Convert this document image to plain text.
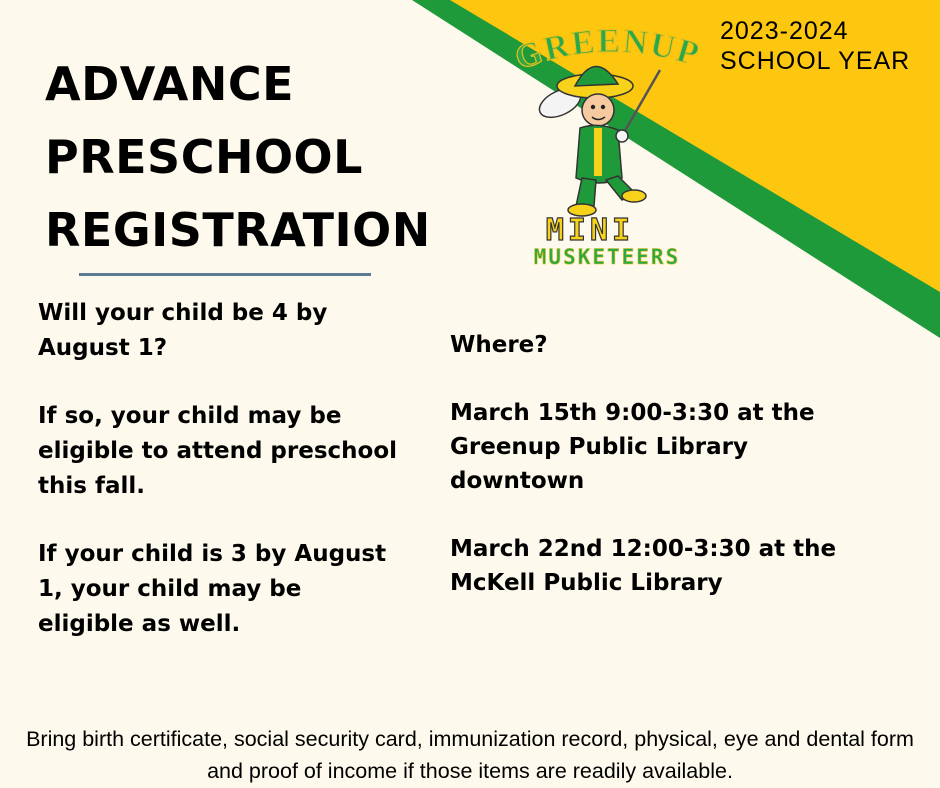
2023-2024
SCHOOL YEAR
GREENUP
MINI
MUSKETEERS
ADVANCE
PRESCHOOL
REGISTRATION

Will your child be 4 by August 1?

If so, your child may be eligible to attend preschool this fall.

If your child is 3 by August 1, your child may be eligible as well.

Where?

March 15th 9:00-3:30 at the Greenup Public Library downtown

March 22nd 12:00-3:30 at the McKell Public Library

Bring birth certificate, social security card, immunization record, physical, eye and dental form and proof of income if those items are readily available.
